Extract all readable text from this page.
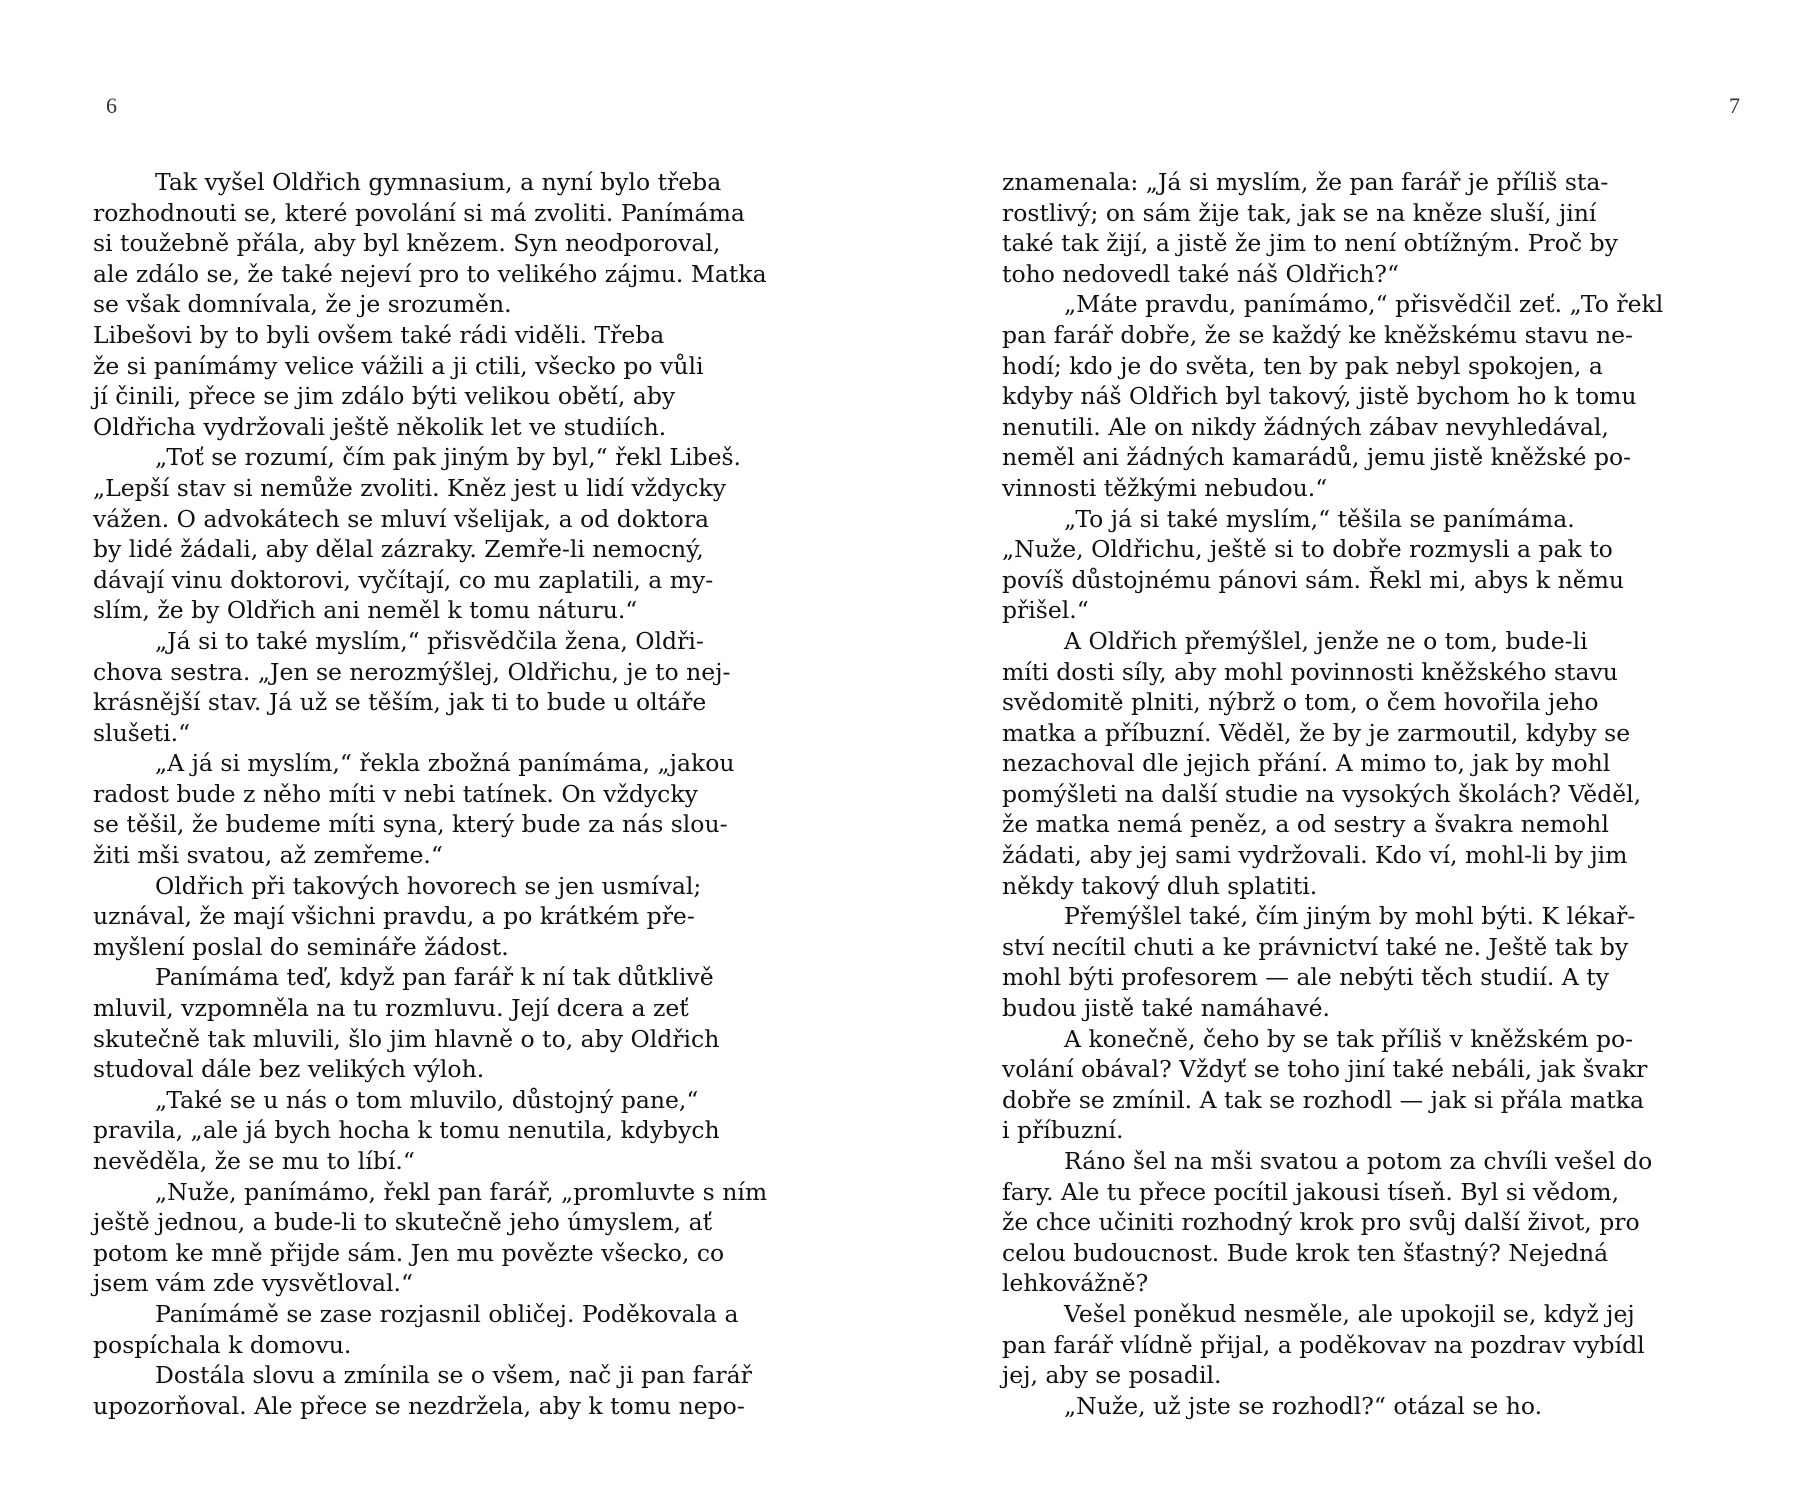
6
Tak vyšel Oldřich gymnasium, a nyní bylo třeba
rozhodnouti se, které povolání si má zvoliti. Panímáma
si toužebně přála, aby byl knězem. Syn neodporoval,
ale zdálo se, že také nejeví pro to velikého zájmu. Matka
se však domnívala, že je srozuměn.
Libešovi by to byli ovšem také rádi viděli. Třeba
že si panímámy velice vážili a ji ctili, všecko po vůli
jí činili, přece se jim zdálo býti velikou obětí, aby
Oldřicha vydržovali ještě několik let ve studiích.
„Toť se rozumí, čím pak jiným by byl,“ řekl Libeš.
„Lepší stav si nemůže zvoliti. Kněz jest u lidí vždycky
vážen. O advokátech se mluví všelijak, a od doktora
by lidé žádali, aby dělal zázraky. Zemře-li nemocný,
dávají vinu doktorovi, vyčítají, co mu zaplatili, a my-
slím, že by Oldřich ani neměl k tomu náturu.“
„Já si to také myslím,“ přisvědčila žena, Oldři-
chova sestra. „Jen se nerozmýšlej, Oldřichu, je to nej-
krásnější stav. Já už se těším, jak ti to bude u oltáře
slušeti.“
„A já si myslím,“ řekla zbožná panímáma, „jakou
radost bude z něho míti v nebi tatínek. On vždycky
se těšil, že budeme míti syna, který bude za nás slou-
žiti mši svatou, až zemřeme.“
Oldřich při takových hovorech se jen usmíval;
uznával, že mají všichni pravdu, a po krátkém pře-
myšlení poslal do semináře žádost.
Panímáma teď, když pan farář k ní tak důtklivě
mluvil, vzpomněla na tu rozmluvu. Její dcera a zeť
skutečně tak mluvili, šlo jim hlavně o to, aby Oldřich
studoval dále bez velikých výloh.
„Také se u nás o tom mluvilo, důstojný pane,“
pravila, „ale já bych hocha k tomu nenutila, kdybych
nevěděla, že se mu to líbí.“
„Nuže, panímámo, řekl pan farář, „promluvte s ním
ještě jednou, a bude-li to skutečně jeho úmyslem, ať
potom ke mně přijde sám. Jen mu povězte všecko, co
jsem vám zde vysvětloval.“
Panímámě se zase rozjasnil obličej. Poděkovala a
pospíchala k domovu.
Dostála slovu a zmínila se o všem, nač ji pan farář
upozorňoval. Ale přece se nezdržela, aby k tomu nepo-
7
znamenala: „Já si myslím, že pan farář je příliš sta-
rostlivý; on sám žije tak, jak se na kněze sluší, jiní
také tak žijí, a jistě že jim to není obtížným. Proč by
toho nedovedl také náš Oldřich?“
„Máte pravdu, panímámo,“ přisvědčil zeť. „To řekl
pan farář dobře, že se každý ke kněžskému stavu ne-
hodí; kdo je do světa, ten by pak nebyl spokojen, a
kdyby náš Oldřich byl takový, jistě bychom ho k tomu
nenutili. Ale on nikdy žádných zábav nevyhledával,
neměl ani žádných kamarádů, jemu jistě kněžské po-
vinnosti těžkými nebudou.“
„To já si také myslím,“ těšila se panímáma.
„Nuže, Oldřichu, ještě si to dobře rozmysli a pak to
povíš důstojnému pánovi sám. Řekl mi, abys k němu
přišel.“
A Oldřich přemýšlel, jenže ne o tom, bude-li
míti dosti síly, aby mohl povinnosti kněžského stavu
svědomitě plniti, nýbrž o tom, o čem hovořila jeho
matka a příbuzní. Věděl, že by je zarmoutil, kdyby se
nezachoval dle jejich přání. A mimo to, jak by mohl
pomýšleti na další studie na vysokých školách? Věděl,
že matka nemá peněz, a od sestry a švakra nemohl
žádati, aby jej sami vydržovali. Kdo ví, mohl-li by jim
někdy takový dluh splatiti.
Přemýšlel také, čím jiným by mohl býti. K lékař-
ství necítil chuti a ke právnictví také ne. Ještě tak by
mohl býti profesorem — ale nebýti těch studií. A ty
budou jistě také namáhavé.
A konečně, čeho by se tak příliš v kněžském po-
volání obával? Vždyť se toho jiní také nebáli, jak švakr
dobře se zmínil. A tak se rozhodl — jak si přála matka
i příbuzní.
Ráno šel na mši svatou a potom za chvíli vešel do
fary. Ale tu přece pocítil jakousi tíseň. Byl si vědom,
že chce učiniti rozhodný krok pro svůj další život, pro
celou budoucnost. Bude krok ten šťastný? Nejedná
lehkovážně?
Vešel poněkud nesměle, ale upokojil se, když jej
pan farář vlídně přijal, a poděkovav na pozdrav vybídl
jej, aby se posadil.
„Nuže, už jste se rozhodl?“ otázal se ho.
